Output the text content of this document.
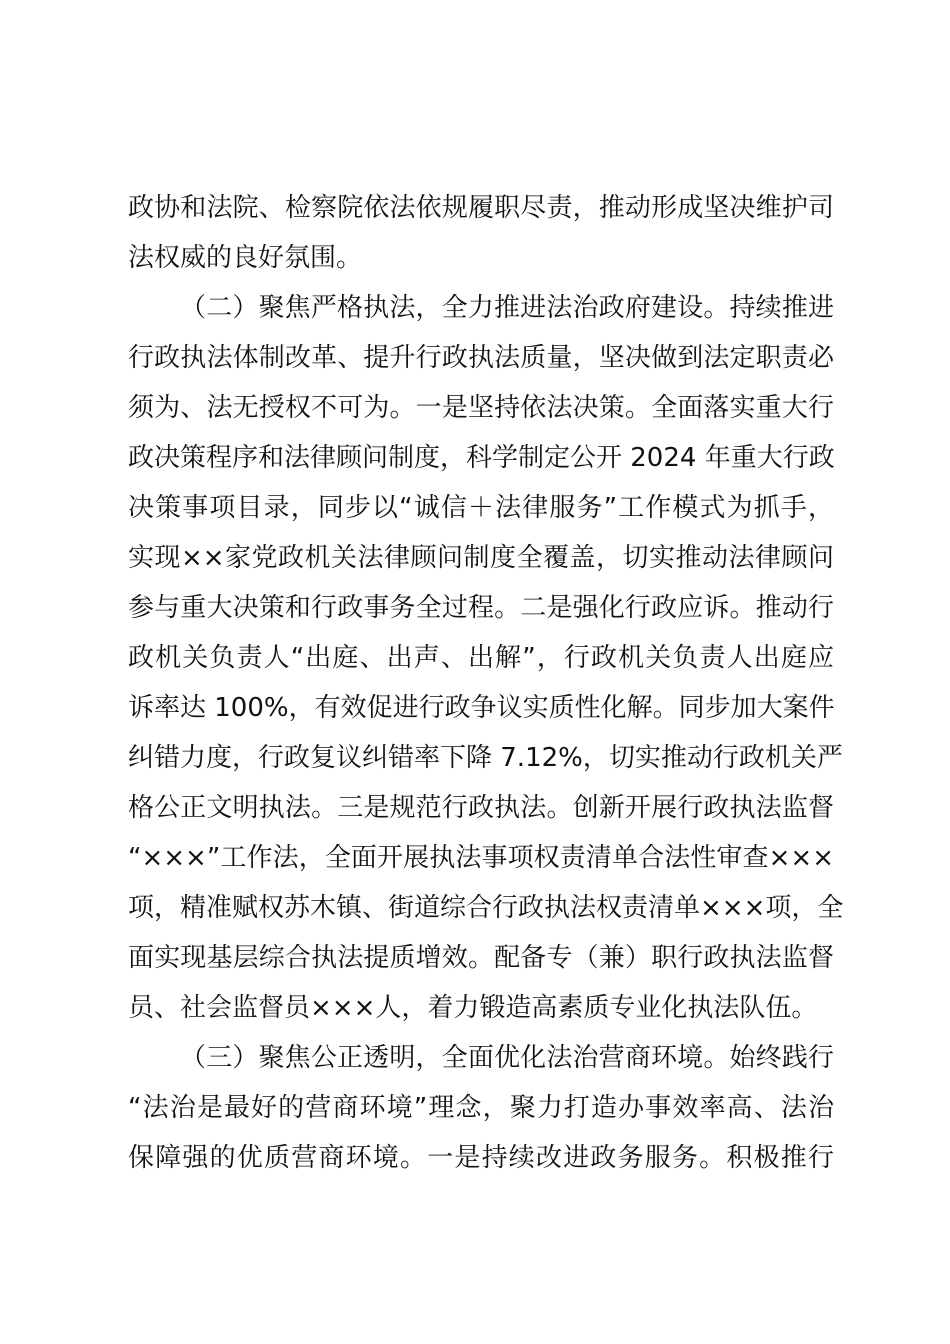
政协和法院、检察院依法依规履职尽责，推动形成坚决维护司
法权威的良好氛围。
（二）聚焦严格执法，全力推进法治政府建设。持续推进
行政执法体制改革、提升行政执法质量，坚决做到法定职责必
须为、法无授权不可为。一是坚持依法决策。全面落实重大行
政决策程序和法律顾问制度，科学制定公开 2024 年重大行政
决策事项目录，同步以“诚信＋法律服务”工作模式为抓手，
实现××家党政机关法律顾问制度全覆盖，切实推动法律顾问
参与重大决策和行政事务全过程。二是强化行政应诉。推动行
政机关负责人“出庭、出声、出解”，行政机关负责人出庭应
诉率达 100%，有效促进行政争议实质性化解。同步加大案件
纠错力度，行政复议纠错率下降 7.12%，切实推动行政机关严
格公正文明执法。三是规范行政执法。创新开展行政执法监督
“×××”工作法，全面开展执法事项权责清单合法性审查×××
项，精准赋权苏木镇、街道综合行政执法权责清单×××项，全
面实现基层综合执法提质增效。配备专（兼）职行政执法监督
员、社会监督员×××人，着力锻造高素质专业化执法队伍。
（三）聚焦公正透明，全面优化法治营商环境。始终践行
“法治是最好的营商环境”理念，聚力打造办事效率高、法治
保障强的优质营商环境。一是持续改进政务服务。积极推行
